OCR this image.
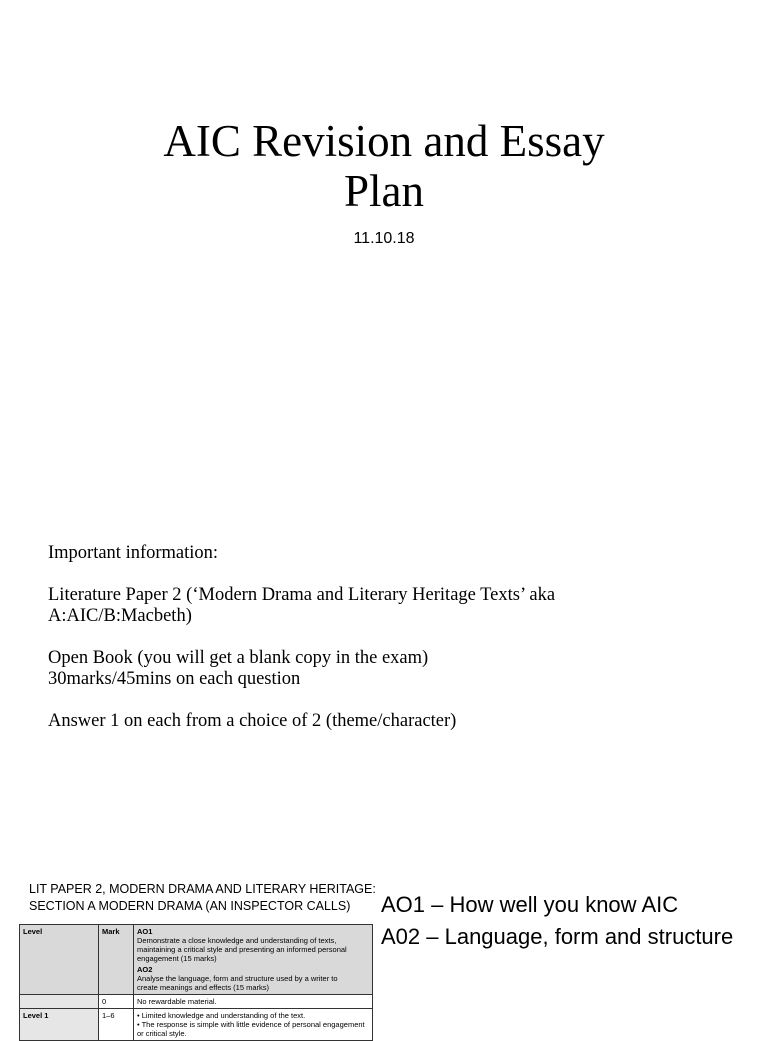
AIC Revision and Essay
Plan
11.10.18

Important information:

Literature Paper 2 (‘Modern Drama and Literary Heritage Texts’ aka

A:AIC/B:Macbeth)

Open Book (you will get a blank copy in the exam)

30marks/45mins on each question

Answer 1 on each from a choice of 2 (theme/character)

LIT PAPER 2, MODERN DRAMA AND LITERARY HERITAGE:
SECTION A MODERN DRAMA (AN INSPECTOR CALLS)	AO1 – How well you know AIC
A02 – Language, form and structure
Level	Mark	AO1Demonstrate a close knowledge and understanding of texts, maintaining a critical style and presenting an informed personal engagement (15 marks)
AO2Analyse the language, form and structure used by a writer to create meanings and effects (15 marks)

	0	No rewardable material.
Level 1	1–6	• Limited knowledge and understanding of the text.
• The response is simple with little evidence of personal engagement or critical style.
